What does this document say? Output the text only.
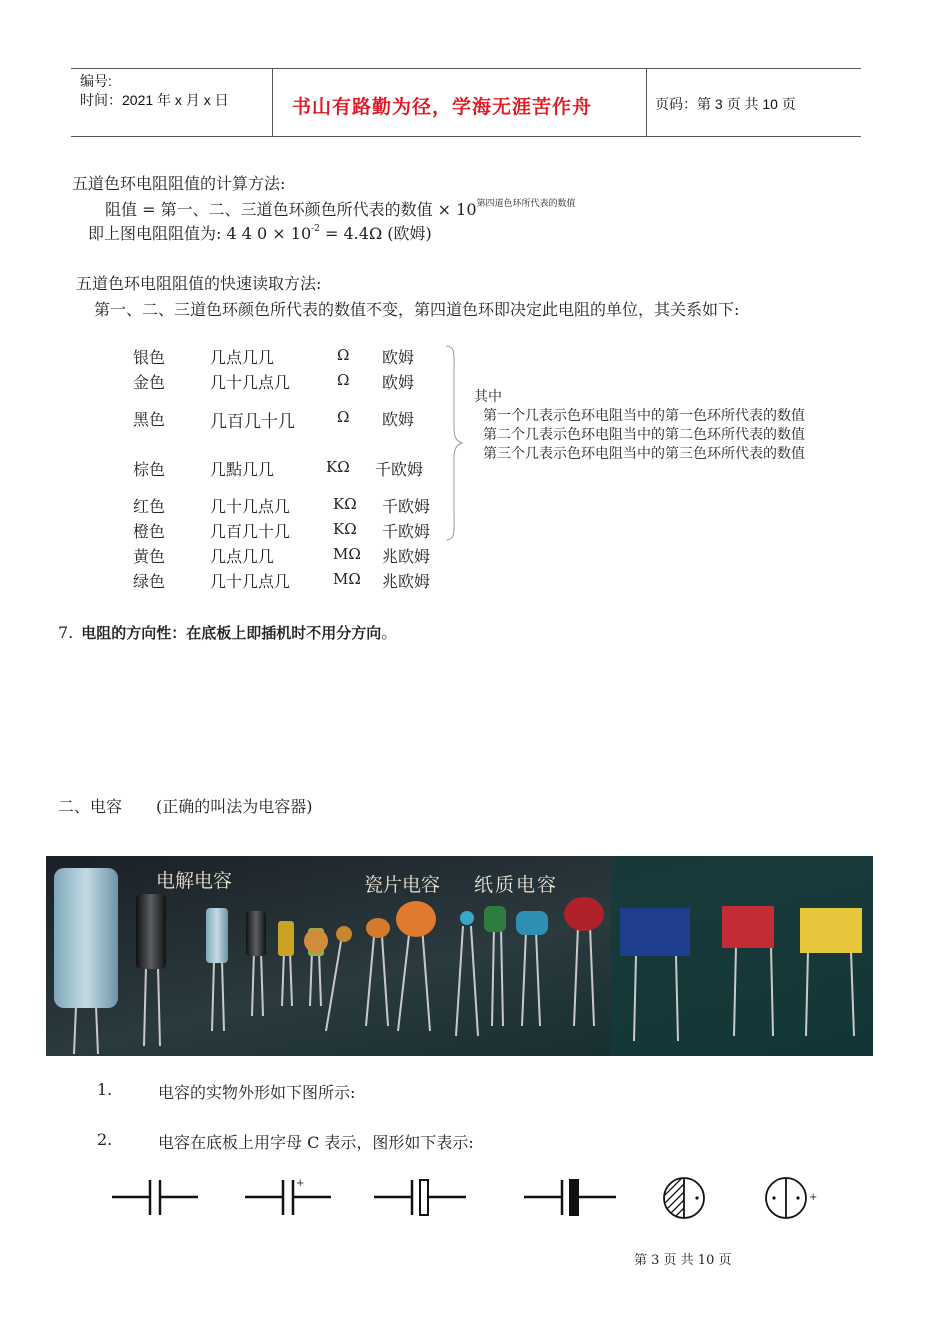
编号:
时间：2021 年 x 月 x 日	书山有路勤为径，学海无涯苦作舟	页码：第 3 页 共 10 页
五道色环电阻阻值的计算方法:
阻值 = 第一、二、三道色环颜色所代表的数值 × $10^{第四道色环所代表的数值}$
即上图电阻阻值为: 4 4 $0 \times 10^{-2} = 4.4\Omega$ (欧姆)
五道色环电阻阻值的快速读取方法:
第一、二、三道色环颜色所代表的数值不变，第四道色环即决定此电阻的单位，其关系如下:
银色	几点几几	Ω 欧姆
金色	几十几点几	Ω 欧姆
黑色	几百几十几	Ω 欧姆
棕色	几點几几	KΩ 千欧姆
红色	几十几点几	KΩ 千欧姆
橙色	几百几十几	KΩ 千欧姆
黄色	几点几几	MΩ 兆欧姆
绿色	几十几点几	MΩ 兆欧姆
其中
第一个几表示色环电阻当中的第一色环所代表的数值
第二个几表示色环电阻当中的第二色环所代表的数值
第三个几表示色环电阻当中的第三色环所代表的数值
7. 电阻的方向性：在底板上即插机时不用分方向。
二、电容 (正确的叫法为电容器)
电解电容	瓷片电容 纸质电容
1.	电容的实物外形如下图所示:
2.	电容在底板上用字母 C 表示，图形如下表示:
+
+
第 3 页 共 10 页
